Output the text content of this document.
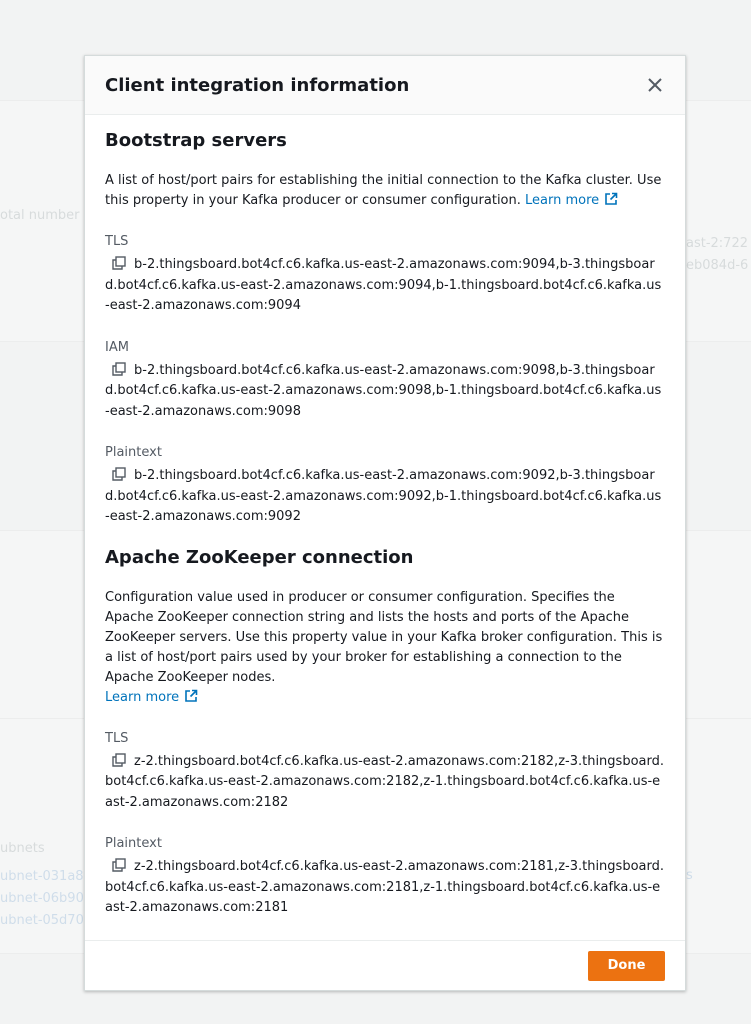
Client integration information
Bootstrap servers
A list of host/port pairs for establishing the initial connection to the Kafka cluster. Use this property in your Kafka producer or consumer configuration. Learn more
TLS
b-2.thingsboard.bot4cf.c6.kafka.us-east-2.amazonaws.com:9094,b-3.thingsboard.bot4cf.c6.kafka.us-east-2.amazonaws.com:9094,b-1.thingsboard.bot4cf.c6.kafka.us-east-2.amazonaws.com:9094
IAM
b-2.thingsboard.bot4cf.c6.kafka.us-east-2.amazonaws.com:9098,b-3.thingsboard.bot4cf.c6.kafka.us-east-2.amazonaws.com:9098,b-1.thingsboard.bot4cf.c6.kafka.us-east-2.amazonaws.com:9098
Plaintext
b-2.thingsboard.bot4cf.c6.kafka.us-east-2.amazonaws.com:9092,b-3.thingsboard.bot4cf.c6.kafka.us-east-2.amazonaws.com:9092,b-1.thingsboard.bot4cf.c6.kafka.us-east-2.amazonaws.com:9092
Apache ZooKeeper connection
Configuration value used in producer or consumer configuration. Specifies the Apache ZooKeeper connection string and lists the hosts and ports of the Apache ZooKeeper servers. Use this property value in your Kafka broker configuration. This is a list of host/port pairs used by your broker for establishing a connection to the Apache ZooKeeper nodes.
Learn more
TLS
z-2.thingsboard.bot4cf.c6.kafka.us-east-2.amazonaws.com:2182,z-3.thingsboard.bot4cf.c6.kafka.us-east-2.amazonaws.com:2182,z-1.thingsboard.bot4cf.c6.kafka.us-east-2.amazonaws.com:2182
Plaintext
z-2.thingsboard.bot4cf.c6.kafka.us-east-2.amazonaws.com:2181,z-3.thingsboard.bot4cf.c6.kafka.us-east-2.amazonaws.com:2181,z-1.thingsboard.bot4cf.c6.kafka.us-east-2.amazonaws.com:2181
Done
